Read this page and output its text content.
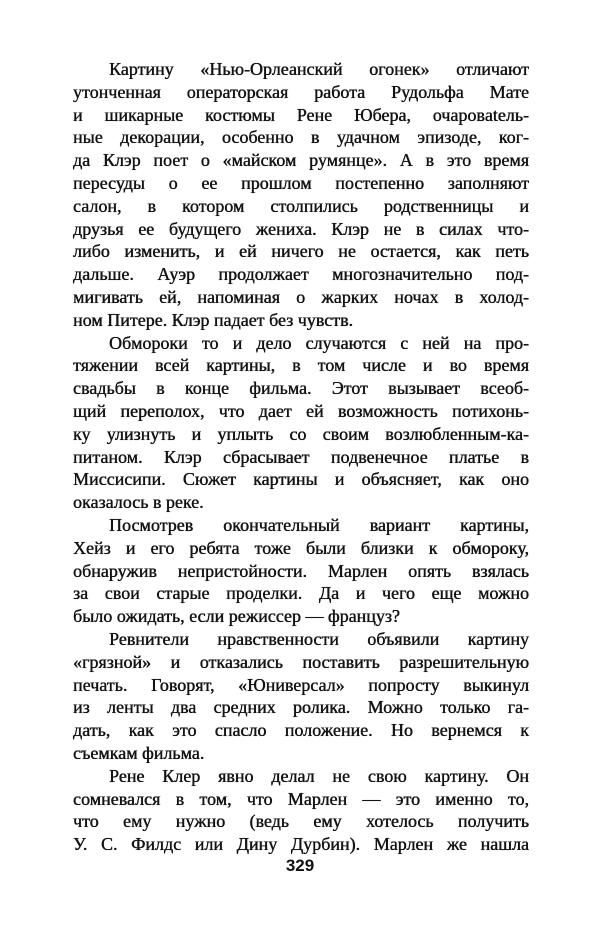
Картину «Нью-Орлеанский огонек» отличают
утонченная операторская работа Рудольфа Мате
и шикарные костюмы Рене Юбера, очаровatель-
ные декорации, особенно в удачном эпизоде, ког-
да Клэр поет о «майском румянце». А в это время
пересуды о ее прошлом постепенно заполняют
салон, в котором столпились родственницы и
друзья ее будущего жениха. Клэр не в силах что-
либо изменить, и ей ничего не остается, как петь
дальше. Ауэр продолжает многозначительно под-
мигивать ей, напоминая о жарких ночах в холод-
ном Питере. Клэр падает без чувств.
Обмороки то и дело случаются с ней на про-
тяжении всей картины, в том числе и во время
свадьбы в конце фильма. Этот вызывает всеоб-
щий переполох, что дает ей возможность потихонь-
ку улизнуть и уплыть со своим возлюбленным-ка-
питаном. Клэр сбрасывает подвенечное платье в
Миссисипи. Сюжет картины и объясняет, как оно
оказалось в реке.
Посмотрев окончательный вариант картины,
Хейз и его ребята тоже были близки к обмороку,
обнаружив непристойности. Марлен опять взялась
за свои старые проделки. Да и чего еще можно
было ожидать, если режиссер — француз?
Ревнители нравственности объявили картину
«грязной» и отказались поставить разрешительную
печать. Говорят, «Юниверсал» попросту выкинул
из ленты два средних ролика. Можно только га-
дать, как это спасло положение. Но вернемся к
съемкам фильма.
Рене Клер явно делал не свою картину. Он
сомневался в том, что Марлен — это именно то,
что ему нужно (ведь ему хотелось получить
У. С. Филдс или Дину Дурбин). Марлен же нашла
329
